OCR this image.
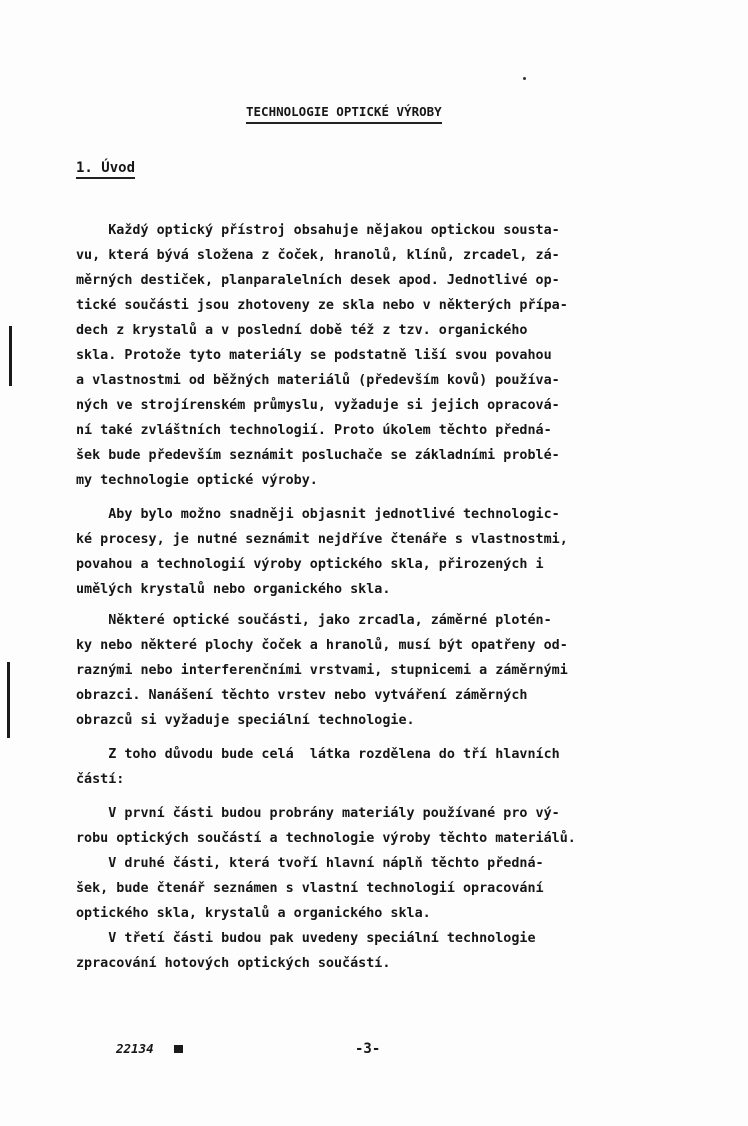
TECHNOLOGIE OPTICKÉ VÝROBY
1. Úvod
Každý optický přístroj obsahuje nějakou optickou sousta-
vu, která bývá složena z čoček, hranolů, klínů, zrcadel, zá-
měrných destiček, planparalelních desek apod. Jednotlivé op-
tické součásti jsou zhotoveny ze skla nebo v některých přípa-
dech z krystalů a v poslední době též z tzv. organického
skla. Protože tyto materiály se podstatně liší svou povahou
a vlastnostmi od běžných materiálů (především kovů) používa-
ných ve strojírenském průmyslu, vyžaduje si jejich opracová-
ní také zvláštních technologií. Proto úkolem těchto předná-
šek bude především seznámit posluchače se základními problé-
my technologie optické výroby.
Aby bylo možno snadněji objasnit jednotlivé technologic-
ké procesy, je nutné seznámit nejdříve čtenáře s vlastnostmi,
povahou a technologií výroby optického skla, přirozených i
umělých krystalů nebo organického skla.
Některé optické součásti, jako zrcadla, záměrné plotén-
ky nebo některé plochy čoček a hranolů, musí být opatřeny od-
raznými nebo interferenčními vrstvami, stupnicemi a záměrnými
obrazci. Nanášení těchto vrstev nebo vytváření záměrných
obrazců si vyžaduje speciální technologie.
Z toho důvodu bude celá  látka rozdělena do tří hlavních
částí:
V první části budou probrány materiály používané pro vý-
robu optických součástí a technologie výroby těchto materiálů.
V druhé části, která tvoří hlavní náplň těchto předná-
šek, bude čtenář seznámen s vlastní technologií opracování
optického skla, krystalů a organického skla.
V třetí části budou pak uvedeny speciální technologie
zpracování hotových optických součástí.
22134	-3-
